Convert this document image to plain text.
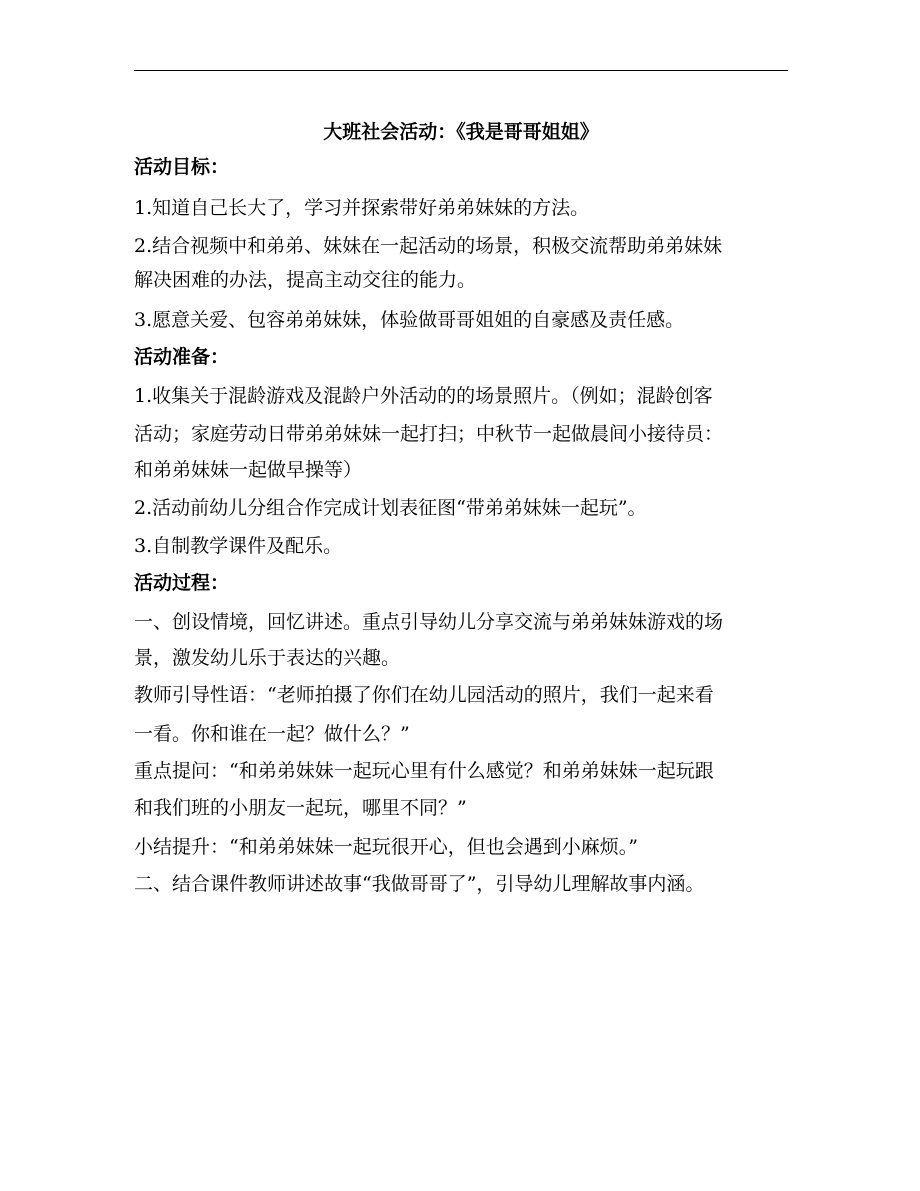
大班社会活动：《我是哥哥姐姐》
活动目标：
1.知道自己长大了，学习并探索带好弟弟妹妹的方法。
2.结合视频中和弟弟、妹妹在一起活动的场景，积极交流帮助弟弟妹妹
解决困难的办法，提高主动交往的能力。
3.愿意关爱、包容弟弟妹妹，体验做哥哥姐姐的自豪感及责任感。
活动准备：
1.收集关于混龄游戏及混龄户外活动的的场景照片。（例如；混龄创客
活动；家庭劳动日带弟弟妹妹一起打扫；中秋节一起做晨间小接待员：
和弟弟妹妹一起做早操等）
2.活动前幼儿分组合作完成计划表征图“带弟弟妹妹一起玩”。
3.自制教学课件及配乐。
活动过程：
一、创设情境，回忆讲述。重点引导幼儿分享交流与弟弟妹妹游戏的场
景，激发幼儿乐于表达的兴趣。
教师引导性语：“老师拍摄了你们在幼儿园活动的照片，我们一起来看
一看。你和谁在一起？做什么？”
重点提问：“和弟弟妹妹一起玩心里有什么感觉？和弟弟妹妹一起玩跟
和我们班的小朋友一起玩，哪里不同？”
小结提升：“和弟弟妹妹一起玩很开心，但也会遇到小麻烦。”
二、结合课件教师讲述故事“我做哥哥了”，引导幼儿理解故事内涵。
